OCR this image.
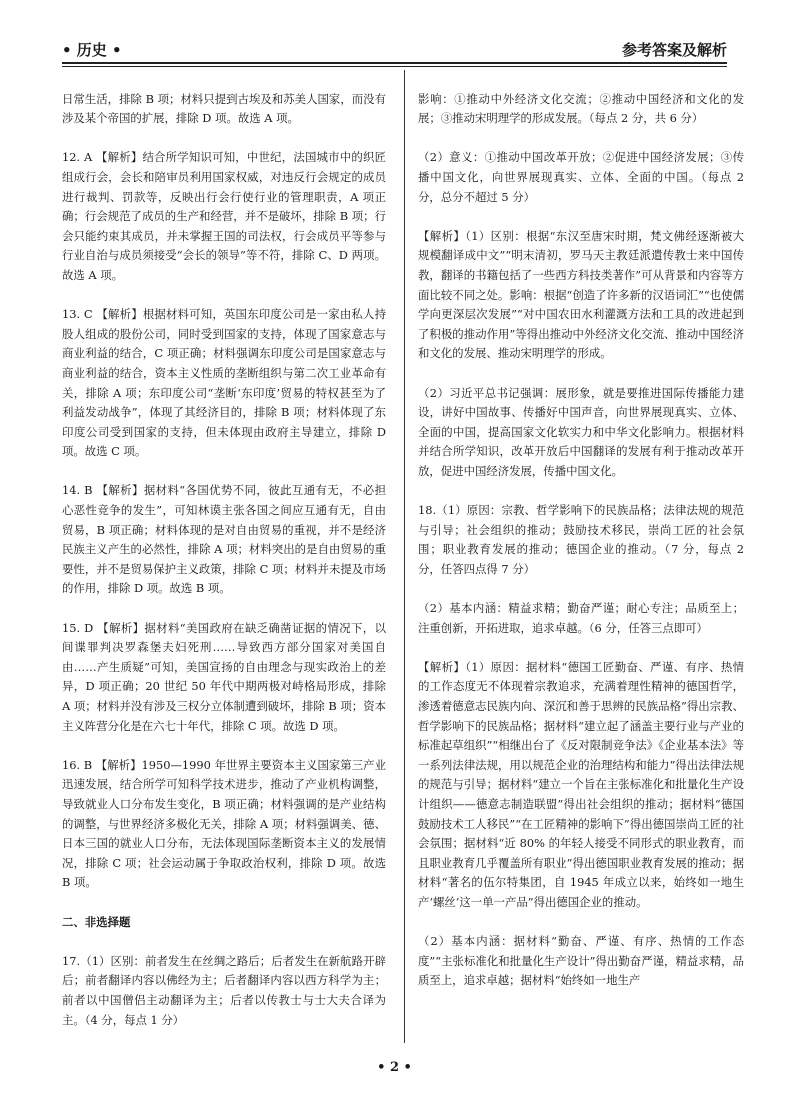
• 历史 •	参考答案及解析

日常生活，排除 B 项；材料只提到古埃及和苏美人国家，而没有涉及某个帝国的扩展，排除 D 项。故选 A 项。

12. A 【解析】结合所学知识可知，中世纪，法国城市中的织匠组成行会，会长和陪审员利用国家权威，对违反行会规定的成员进行裁判、罚款等，反映出行会行使行业的管理职责，A 项正确；行会规范了成员的生产和经营，并不是破坏，排除 B 项；行会只能约束其成员，并未掌握王国的司法权，行会成员平等参与行业自治与成员须接受“会长的领导”等不符，排除 C、D 两项。故选 A 项。

13. C 【解析】根据材料可知，英国东印度公司是一家由私人持股人组成的股份公司，同时受到国家的支持，体现了国家意志与商业利益的结合，C 项正确；材料强调东印度公司是国家意志与商业利益的结合，资本主义性质的垄断组织与第二次工业革命有关，排除 A 项；东印度公司“垄断‘东印度’贸易的特权甚至为了利益发动战争”，体现了其经济目的，排除 B 项；材料体现了东印度公司受到国家的支持，但未体现由政府主导建立，排除 D 项。故选 C 项。

14. B 【解析】据材料“各国优势不同，彼此互通有无，不必担心恶性竞争的发生”，可知林谟主张各国之间应互通有无，自由贸易，B 项正确；材料体现的是对自由贸易的重视，并不是经济民族主义产生的必然性，排除 A 项；材料突出的是自由贸易的重要性，并不是贸易保护主义政策，排除 C 项；材料并未提及市场的作用，排除 D 项。故选 B 项。

15. D 【解析】据材料“美国政府在缺乏确凿证据的情况下，以间谍罪判决罗森堡夫妇死刑……导致西方部分国家对美国自由……产生质疑”可知，美国宣扬的自由理念与现实政治上的差异，D 项正确；20 世纪 50 年代中期两极对峙格局形成，排除 A 项；材料并没有涉及三权分立体制遭到破坏，排除 B 项；资本主义阵营分化是在六七十年代，排除 C 项。故选 D 项。

16. B 【解析】1950—1990 年世界主要资本主义国家第三产业迅速发展，结合所学可知科学技术进步，推动了产业机构调整，导致就业人口分布发生变化，B 项正确；材料强调的是产业结构的调整，与世界经济多极化无关，排除 A 项；材料强调美、德、日本三国的就业人口分布，无法体现国际垄断资本主义的发展情况，排除 C 项；社会运动属于争取政治权利，排除 D 项。故选 B 项。

二、非选择题

17.（1）区别：前者发生在丝绸之路后；后者发生在新航路开辟后；前者翻译内容以佛经为主；后者翻译内容以西方科学为主；前者以中国僧侣主动翻译为主；后者以传教士与士大夫合译为主。（4 分，每点 1 分）

影响：①推动中外经济文化交流；②推动中国经济和文化的发展；③推动宋明理学的形成发展。（每点 2 分，共 6 分）

（2）意义：①推动中国改革开放；②促进中国经济发展；③传播中国文化，向世界展现真实、立体、全面的中国。（每点 2 分，总分不超过 5 分）

【解析】（1）区别：根据“东汉至唐宋时期，梵文佛经逐渐被大规模翻译成中文”“明末清初，罗马天主教廷派遣传教士来中国传教，翻译的书籍包括了一些西方科技类著作”可从背景和内容等方面比较不同之处。影响：根据“创造了许多新的汉语词汇”“也使儒学向更深层次发展”“对中国农田水利灌溉方法和工具的改进起到了积极的推动作用”等得出推动中外经济文化交流、推动中国经济和文化的发展、推动宋明理学的形成。

（2）习近平总书记强调：展形象，就是要推进国际传播能力建设，讲好中国故事、传播好中国声音，向世界展现真实、立体、全面的中国，提高国家文化软实力和中华文化影响力。根据材料并结合所学知识，改革开放后中国翻译的发展有利于推动改革开放，促进中国经济发展，传播中国文化。

18.（1）原因：宗教、哲学影响下的民族品格；法律法规的规范与引导；社会组织的推动；鼓励技术移民，崇尚工匠的社会氛围；职业教育发展的推动；德国企业的推动。（7 分，每点 2 分，任答四点得 7 分）

（2）基本内涵：精益求精；勤奋严谨；耐心专注；品质至上；注重创新，开拓进取，追求卓越。（6 分，任答三点即可）

【解析】（1）原因：据材料“德国工匠勤奋、严谨、有序、热情的工作态度无不体现着宗教追求，充满着理性精神的德国哲学，渗透着德意志民族内向、深沉和善于思辨的民族品格”得出宗教、哲学影响下的民族品格；据材料“建立起了涵盖主要行业与产业的标准起草组织”“相继出台了《反对限制竞争法》《企业基本法》等一系列法律法规，用以规范企业的治理结构和能力”得出法律法规的规范与引导；据材料“建立一个旨在主张标准化和批量化生产设计组织——德意志制造联盟”得出社会组织的推动；据材料“德国鼓励技术工人移民”“在工匠精神的影响下”得出德国崇尚工匠的社会氛围；据材料“近 80% 的年轻人接受不同形式的职业教育，而且职业教育几乎覆盖所有职业”得出德国职业教育发展的推动；据材料“著名的伍尔特集团，自 1945 年成立以来，始终如一地生产‘螺丝’这一单一产品”得出德国企业的推动。

（2）基本内涵：据材料“勤奋、严谨、有序、热情的工作态度”“主张标准化和批量化生产设计”得出勤奋严谨，精益求精，品质至上，追求卓越；据材料“始终如一地生产

• 2 •
